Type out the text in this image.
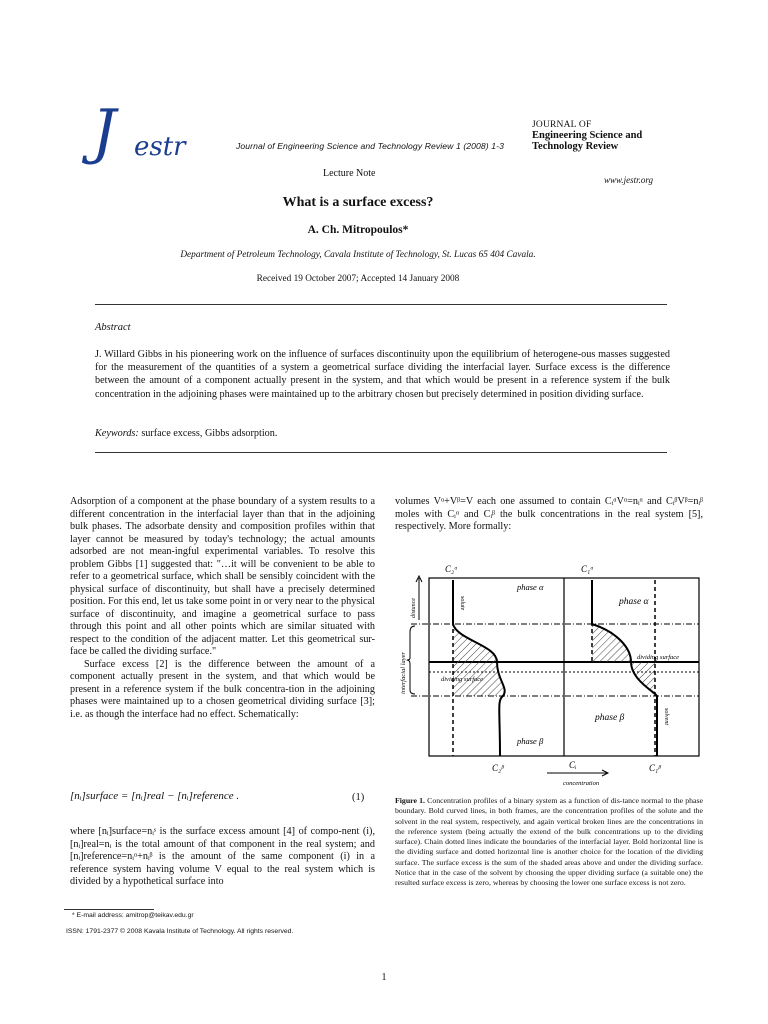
J estr	Journal of Engineering Science and Technology Review 1 (2008) 1-3
Lecture Note
JOURNAL OF
Engineering Science and
Technology Review
www.jestr.org
What is a surface excess?
A. Ch. Mitropoulos*
Department of Petroleum Technology, Cavala Institute of Technology, St. Lucas 65 404 Cavala.
Received 19 October 2007; Accepted 14 January 2008
Abstract
J. Willard Gibbs in his pioneering work on the influence of surfaces discontinuity upon the equilibrium of heterogene-ous masses suggested for the measurement of the quantities of a system a geometrical surface dividing the interfacial layer. Surface excess is the difference between the amount of a component actually present in the system, and that which would be present in a reference system if the bulk concentration in the adjoining phases were maintained up to the arbitrary chosen but precisely determined in position dividing surface.
Keywords: surface excess, Gibbs adsorption.

Adsorption of a component at the phase boundary of a system results to a different concentration in the interfacial layer than that in the adjoining bulk phases. The adsorbate density and composition profiles within that layer cannot be measured by today's technology; the actual amounts adsorbed are not mean-ingful experimental variables. To resolve this problem Gibbs [1] suggested that: "…it will be convenient to be able to refer to a geometrical surface, which shall be sensibly coincident with the physical surface of discontinuity, but shall have a precisely determined position. For this end, let us take some point in or very near to the physical surface of discontinuity, and imagine a geometrical surface to pass through this point and all other points which are similar situated with respect to the condition of the adjacent matter. Let this geometrical sur-face be called the dividing surface."

Surface excess [2] is the difference between the amount of a component actually present in the system, and that which would be present in a reference system if the bulk concentra-tion in the adjoining phases were maintained up to a chosen geometrical dividing surface [3]; i.e. as though the interface had no effect. Schematically:

[nᵢ]surface = [nᵢ]real − [nᵢ]reference .	(1)

where [nᵢ]surface=nᵢˢ is the surface excess amount [4] of compo-nent (i), [nᵢ]real=nᵢ is the total amount of that component in the real system; and [nᵢ]reference=nᵢᵅ+nᵢᵝ is the amount of the same component (i) in a reference system having volume V equal to the real system which is divided by a hypothetical surface into

volumes Vᵅ+Vᵝ=V each one assumed to contain CᵢᵅVᵅ=nᵢᵅ and CᵢᵝVᵝ=nᵢᵝ moles with Cᵢᵅ and Cᵢᵝ the bulk concentrations in the real system [5], respectively. More formally:

C₂ᵅ	C₁ᵅ
C₂ᵝ	C₁ᵝ
phase α
phase α
phase β
phase β
solute
solvent
distance
interfacial layer	dividing surface
dividing surface
Cᵢ
concentration
Figure 1. Concentration profiles of a binary system as a function of dis-tance normal to the phase boundary. Bold curved lines, in both frames, are the concentration profiles of the solute and the solvent in the real system, respectively, and again vertical broken lines are the concentrations in the reference system (being actually the extend of the bulk concentrations up to the dividing surface). Chain dotted lines indicate the boundaries of the interfacial layer. Bold horizontal line is the dividing surface and dotted horizontal line is another choice for the location of the dividing surface. The surface excess is the sum of the shaded areas above and under the dividing surface. Notice that in the case of the solvent by choosing the upper dividing surface (a suitable one) the resulted surface excess is zero, whereas by choosing the lower one surface excess is not zero.
* E-mail address: amitrop@teikav.edu.gr
ISSN: 1791-2377 © 2008 Kavala Institute of Technology. All rights reserved.
1
